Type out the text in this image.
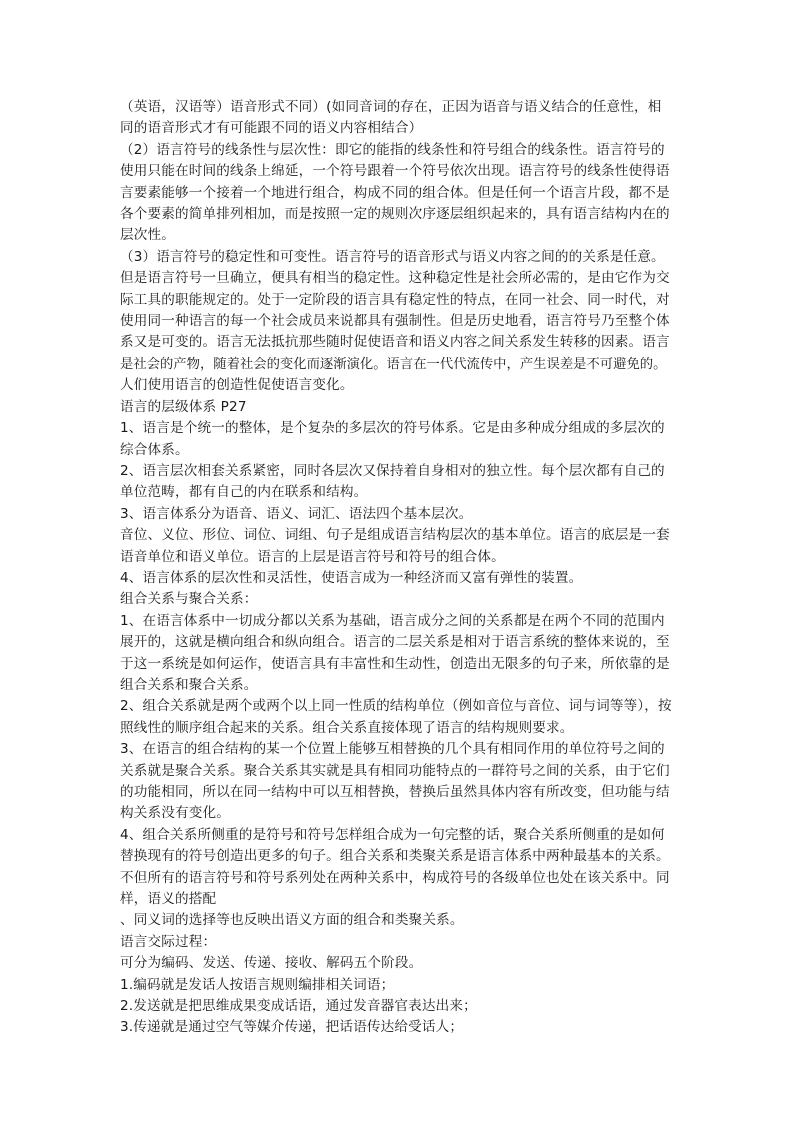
（英语，汉语等）语音形式不同）(如同音词的存在，正因为语音与语义结合的任意性，相

同的语音形式才有可能跟不同的语义内容相结合）

（2）语言符号的线条性与层次性：即它的能指的线条性和符号组合的线条性。语言符号的

使用只能在时间的线条上绵延，一个符号跟着一个符号依次出现。语言符号的线条性使得语

言要素能够一个接着一个地进行组合，构成不同的组合体。但是任何一个语言片段，都不是

各个要素的简单排列相加，而是按照一定的规则次序逐层组织起来的，具有语言结构内在的

层次性。

（3）语言符号的稳定性和可变性。语言符号的语音形式与语义内容之间的的关系是任意。

但是语言符号一旦确立，便具有相当的稳定性。这种稳定性是社会所必需的，是由它作为交

际工具的职能规定的。处于一定阶段的语言具有稳定性的特点，在同一社会、同一时代，对

使用同一种语言的每一个社会成员来说都具有强制性。但是历史地看，语言符号乃至整个体

系又是可变的。语言无法抵抗那些随时促使语音和语义内容之间关系发生转移的因素。语言

是社会的产物，随着社会的变化而逐渐演化。语言在一代代流传中，产生误差是不可避免的。

人们使用语言的创造性促使语言变化。

语言的层级体系 P27

1、语言是个统一的整体，是个复杂的多层次的符号体系。它是由多种成分组成的多层次的

综合体系。

2、语言层次相套关系紧密，同时各层次又保持着自身相对的独立性。每个层次都有自己的

单位范畴，都有自己的内在联系和结构。

3、语言体系分为语音、语义、词汇、语法四个基本层次。

音位、义位、形位、词位、词组、句子是组成语言结构层次的基本单位。语言的底层是一套

语音单位和语义单位。语言的上层是语言符号和符号的组合体。

4、语言体系的层次性和灵活性，使语言成为一种经济而又富有弹性的装置。

组合关系与聚合关系：

1、在语言体系中一切成分都以关系为基础，语言成分之间的关系都是在两个不同的范围内

展开的，这就是横向组合和纵向组合。语言的二层关系是相对于语言系统的整体来说的，至

于这一系统是如何运作，使语言具有丰富性和生动性，创造出无限多的句子来，所依靠的是

组合关系和聚合关系。

2、组合关系就是两个或两个以上同一性质的结构单位（例如音位与音位、词与词等等），按

照线性的顺序组合起来的关系。组合关系直接体现了语言的结构规则要求。

3、在语言的组合结构的某一个位置上能够互相替换的几个具有相同作用的单位符号之间的

关系就是聚合关系。聚合关系其实就是具有相同功能特点的一群符号之间的关系，由于它们

的功能相同，所以在同一结构中可以互相替换，替换后虽然具体内容有所改变，但功能与结

构关系没有变化。

4、组合关系所侧重的是符号和符号怎样组合成为一句完整的话，聚合关系所侧重的是如何

替换现有的符号创造出更多的句子。组合关系和类聚关系是语言体系中两种最基本的关系。

不但所有的语言符号和符号系列处在两种关系中，构成符号的各级单位也处在该关系中。同

样，语义的搭配

、同义词的选择等也反映出语义方面的组合和类聚关系。

语言交际过程：

可分为编码、发送、传递、接收、解码五个阶段。

1.编码就是发话人按语言规则编排相关词语；

2.发送就是把思维成果变成话语，通过发音器官表达出来；

3.传递就是通过空气等媒介传递，把话语传达给受话人；
